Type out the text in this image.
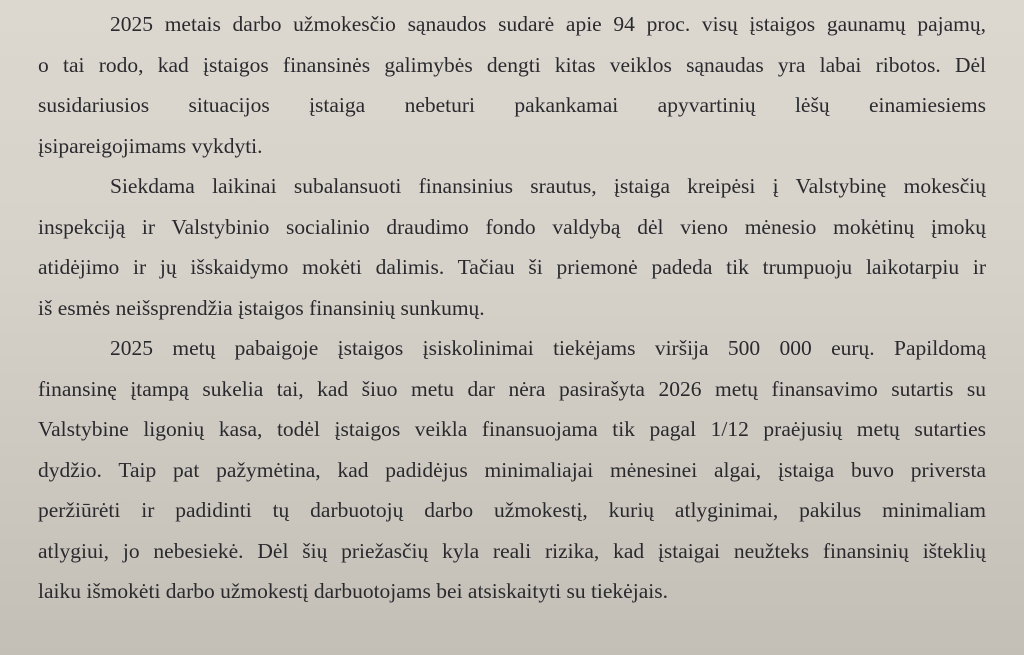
2025 metais darbo užmokesčio sąnaudos sudarė apie 94 proc. visų įstaigos gaunamų pajamų,
o tai rodo, kad įstaigos finansinės galimybės dengti kitas veiklos sąnaudas yra labai ribotos. Dėl
susidariusios situacijos įstaiga nebeturi pakankamai apyvartinių lėšų einamiesiems
įsipareigojimams vykdyti.

Siekdama laikinai subalansuoti finansinius srautus, įstaiga kreipėsi į Valstybinę mokesčių
inspekciją ir Valstybinio socialinio draudimo fondo valdybą dėl vieno mėnesio mokėtinų įmokų
atidėjimo ir jų išskaidymo mokėti dalimis. Tačiau ši priemonė padeda tik trumpuoju laikotarpiu ir
iš esmės neišsprendžia įstaigos finansinių sunkumų.

2025 metų pabaigoje įstaigos įsiskolinimai tiekėjams viršija 500 000 eurų. Papildomą
finansinę įtampą sukelia tai, kad šiuo metu dar nėra pasirašyta 2026 metų finansavimo sutartis su
Valstybine ligonių kasa, todėl įstaigos veikla finansuojama tik pagal 1/12 praėjusių metų sutarties
dydžio. Taip pat pažymėtina, kad padidėjus minimaliajai mėnesinei algai, įstaiga buvo priversta
peržiūrėti ir padidinti tų darbuotojų darbo užmokestį, kurių atlyginimai, pakilus minimaliam
atlygiui, jo nebesiekė. Dėl šių priežasčių kyla reali rizika, kad įstaigai neužteks finansinių išteklių
laiku išmokėti darbo užmokestį darbuotojams bei atsiskaityti su tiekėjais.
